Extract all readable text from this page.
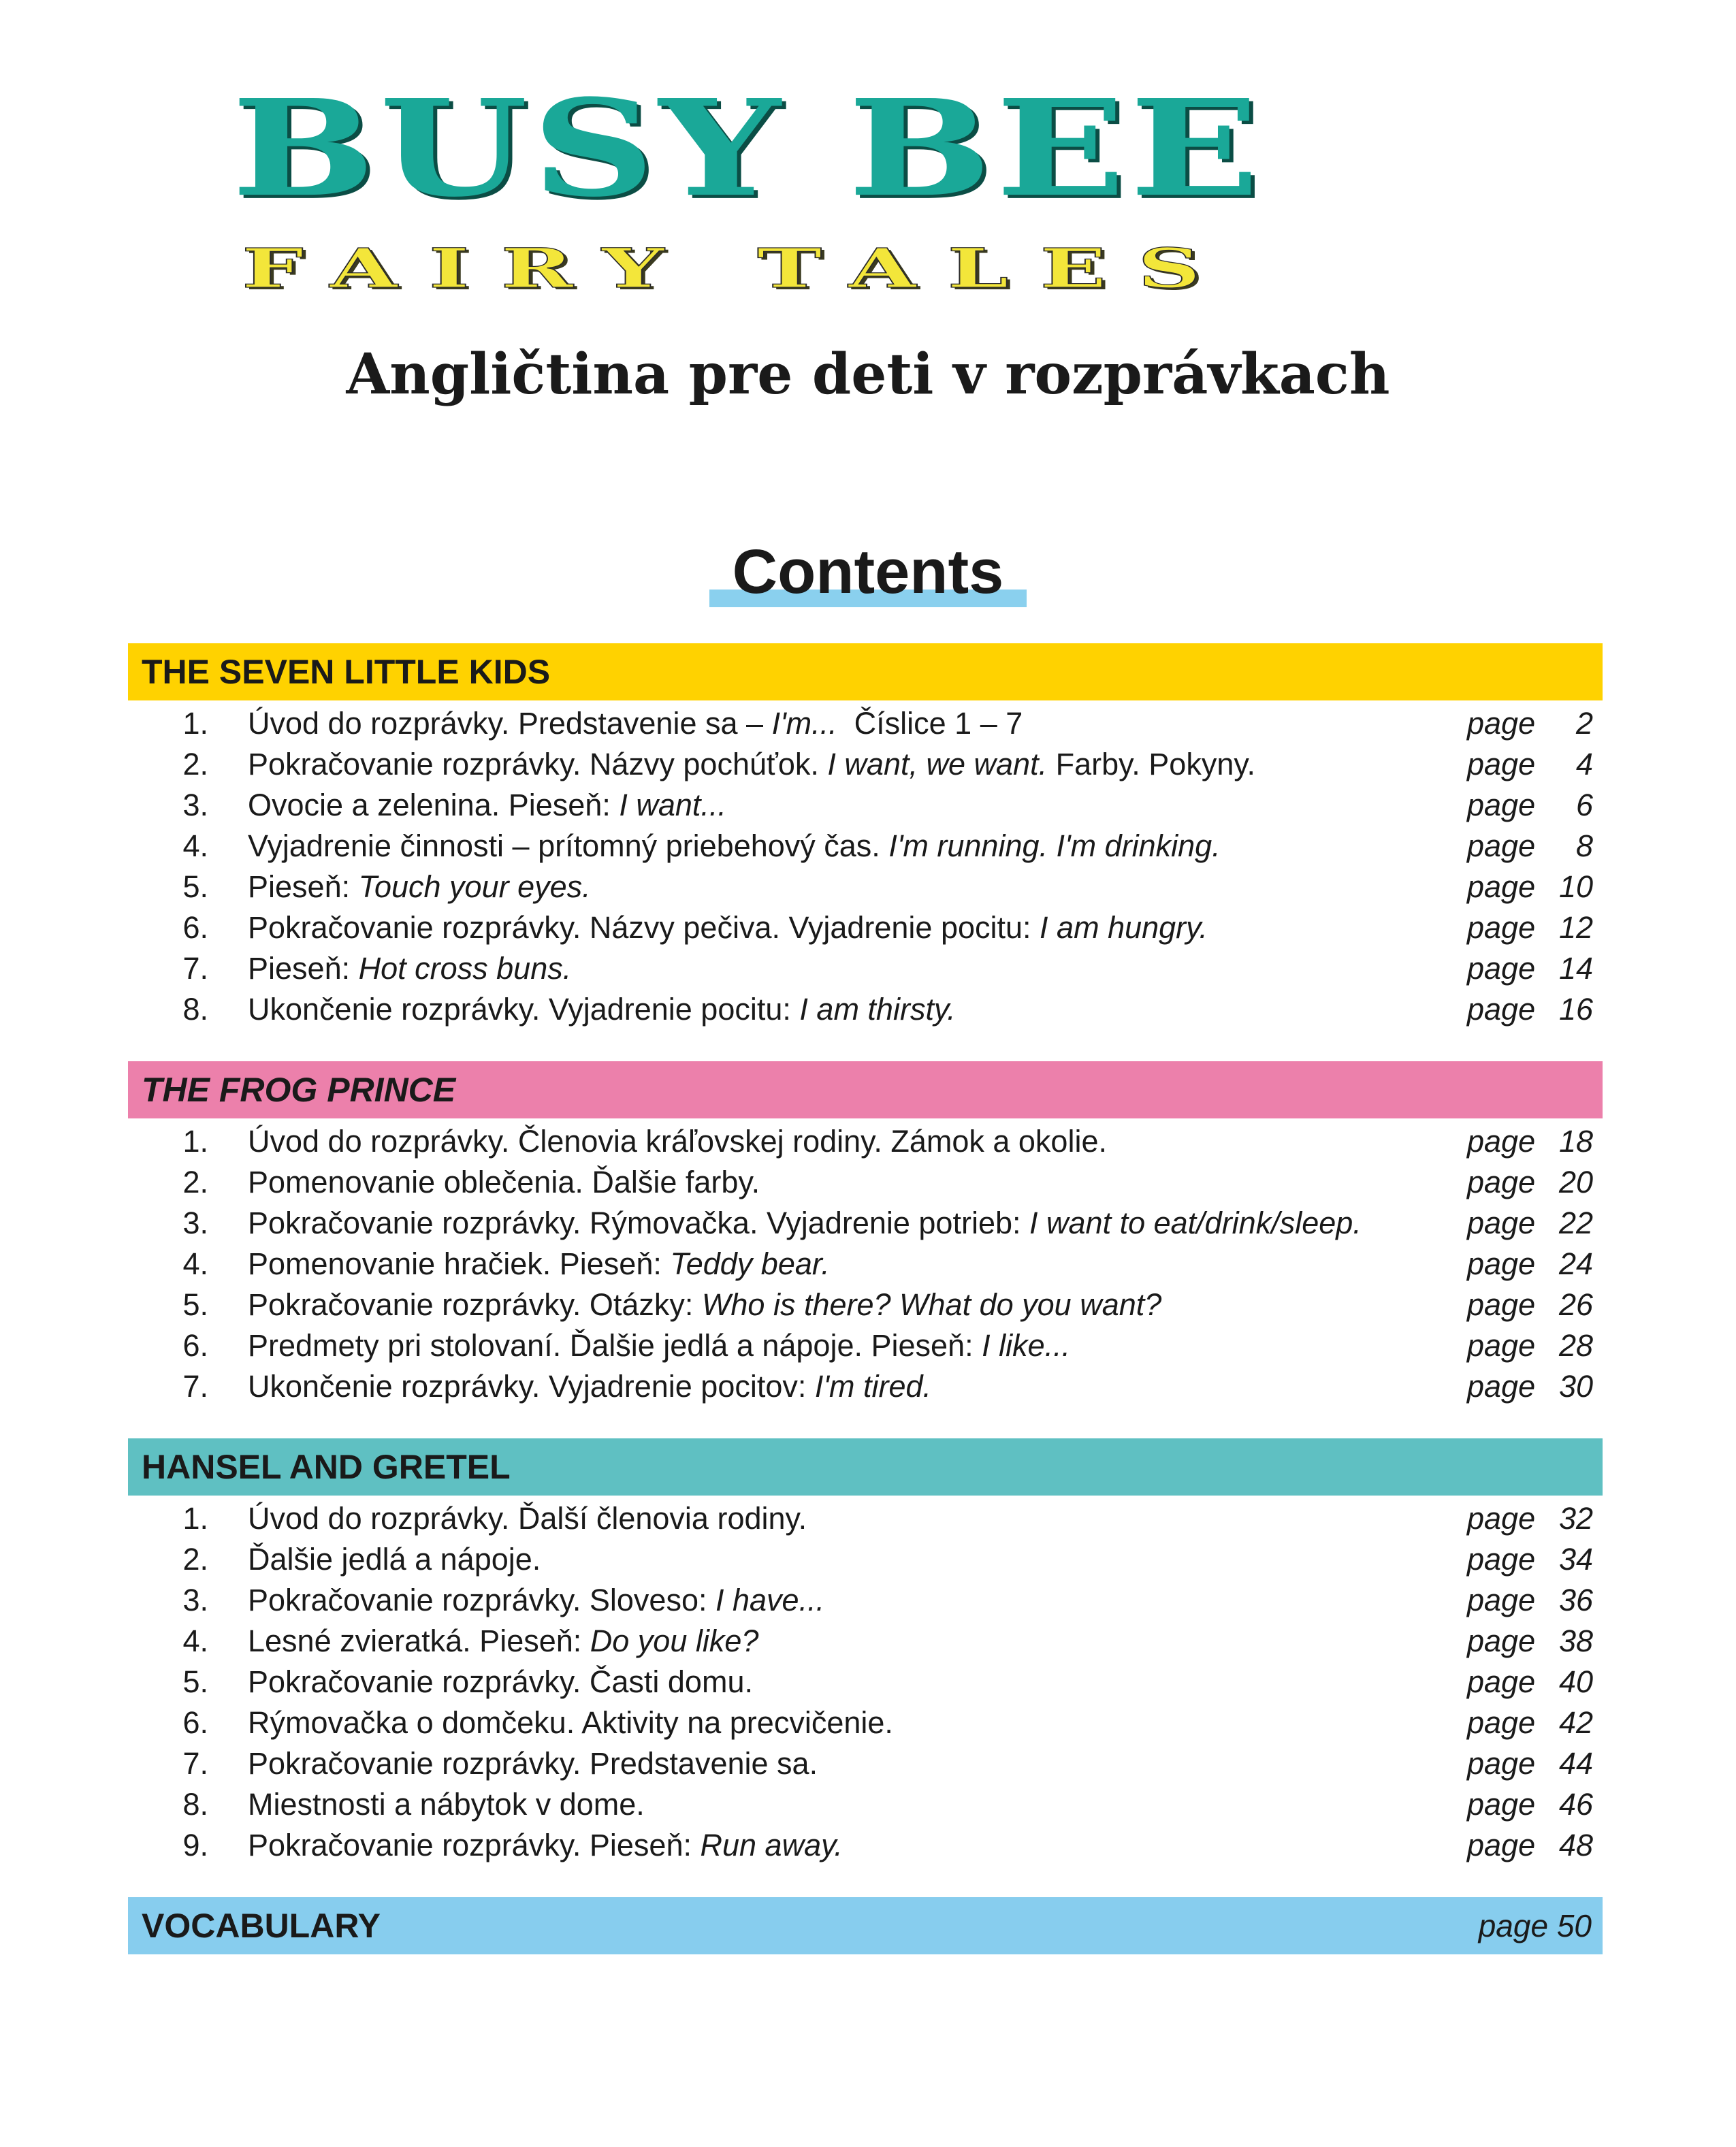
BUSY BEE
FAIRY TALES
Angličtina pre deti v rozprávkach
Contents
THE SEVEN LITTLE KIDS
1.	Úvod do rozprávky. Predstavenie sa – I'm...  Číslice 1 – 7	page 2
2.	Pokračovanie rozprávky. Názvy pochúťok. I want, we want. Farby. Pokyny.	page 4
3.	Ovocie a zelenina. Pieseň: I want...	page 6
4.	Vyjadrenie činnosti – prítomný priebehový čas. I'm running. I'm drinking.	page 8
5.	Pieseň: Touch your eyes.	page 10
6.	Pokračovanie rozprávky. Názvy pečiva. Vyjadrenie pocitu: I am hungry.	page 12
7.	Pieseň: Hot cross buns.	page 14
8.	Ukončenie rozprávky. Vyjadrenie pocitu: I am thirsty.	page 16
THE FROG PRINCE
1.	Úvod do rozprávky. Členovia kráľovskej rodiny. Zámok a okolie.	page 18
2.	Pomenovanie oblečenia. Ďalšie farby.	page 20
3.	Pokračovanie rozprávky. Rýmovačka. Vyjadrenie potrieb: I want to eat/drink/sleep.	page 22
4.	Pomenovanie hračiek. Pieseň: Teddy bear.	page 24
5.	Pokračovanie rozprávky. Otázky: Who is there? What do you want?	page 26
6.	Predmety pri stolovaní. Ďalšie jedlá a nápoje. Pieseň: I like...	page 28
7.	Ukončenie rozprávky. Vyjadrenie pocitov: I'm tired.	page 30
HANSEL AND GRETEL
1.	Úvod do rozprávky. Ďalší členovia rodiny.	page 32
2.	Ďalšie jedlá a nápoje.	page 34
3.	Pokračovanie rozprávky. Sloveso: I have...	page 36
4.	Lesné zvieratká. Pieseň: Do you like?	page 38
5.	Pokračovanie rozprávky. Časti domu.	page 40
6.	Rýmovačka o domčeku. Aktivity na precvičenie.	page 42
7.	Pokračovanie rozprávky. Predstavenie sa.	page 44
8.	Miestnosti a nábytok v dome.	page 46
9.	Pokračovanie rozprávky. Pieseň: Run away.	page 48
VOCABULARY	page 50
